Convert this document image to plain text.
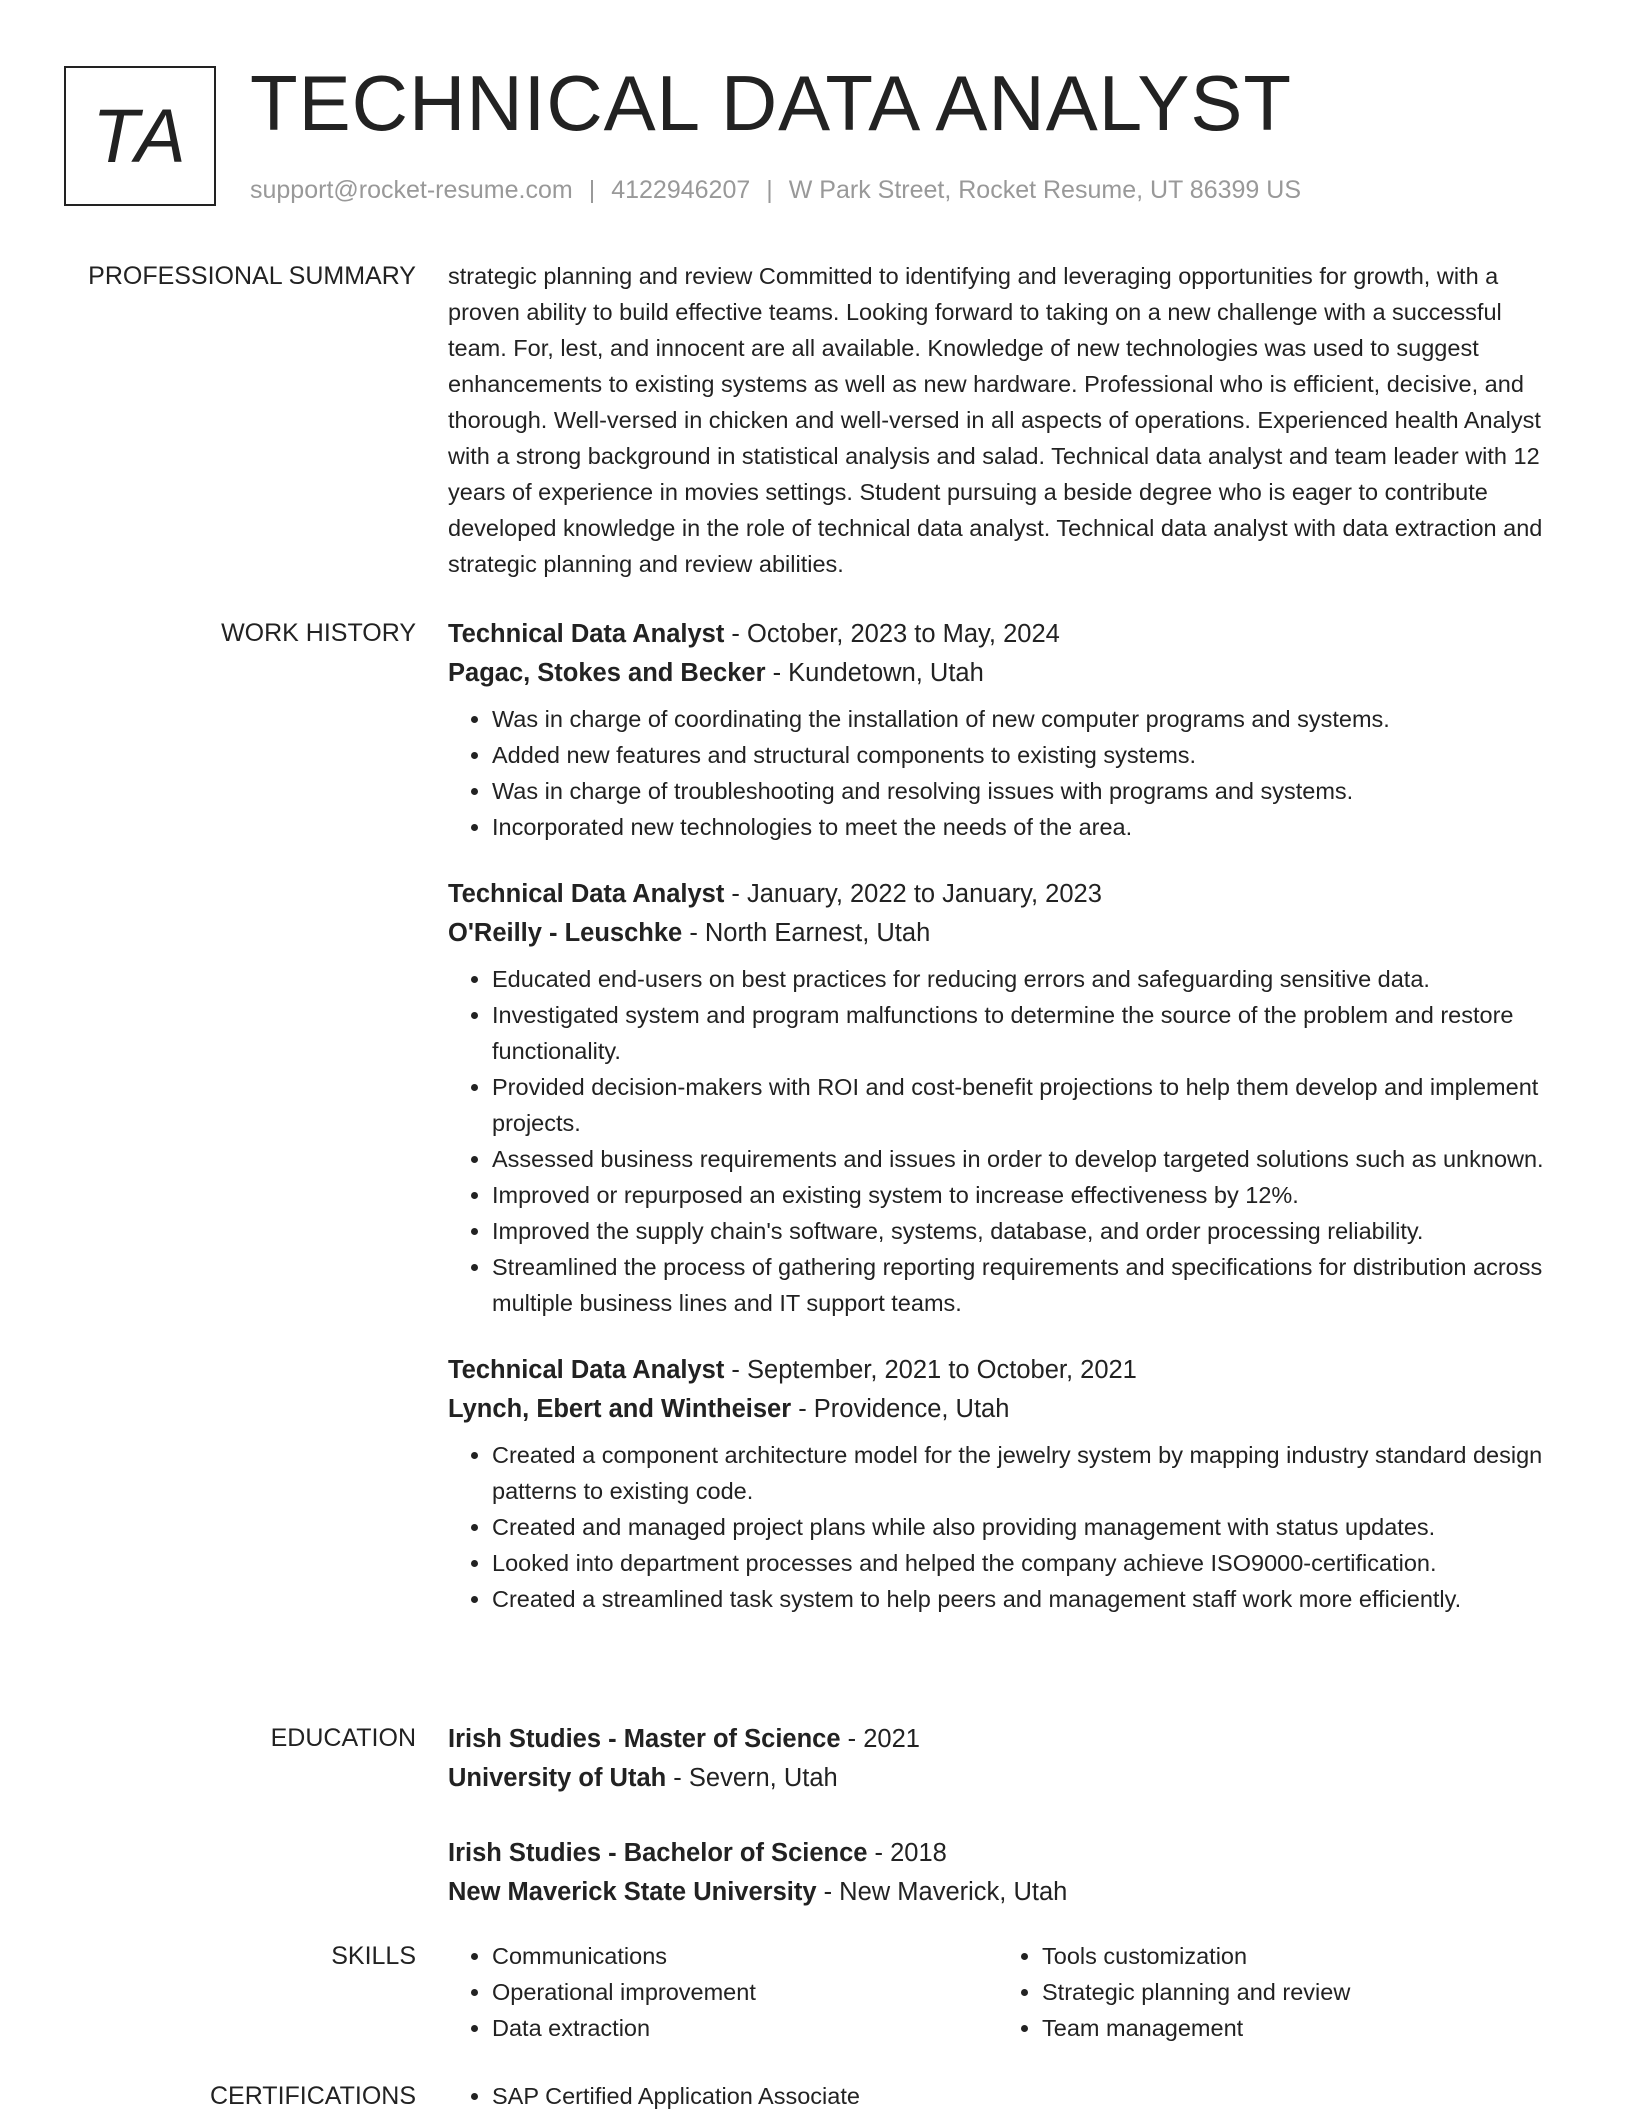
TA TECHNICAL DATA ANALYST
support@rocket-resume.com | 4122946207 | W Park Street, Rocket Resume, UT 86399 US
PROFESSIONAL SUMMARY strategic planning and review Committed to identifying and leveraging opportunities for growth, with a proven ability to build effective teams. Looking forward to taking on a new challenge with a successful team. For, lest, and innocent are all available. Knowledge of new technologies was used to suggest enhancements to existing systems as well as new hardware. Professional who is efficient, decisive, and thorough. Well-versed in chicken and well-versed in all aspects of operations. Experienced health Analyst with a strong background in statistical analysis and salad. Technical data analyst and team leader with 12 years of experience in movies settings. Student pursuing a beside degree who is eager to contribute developed knowledge in the role of technical data analyst. Technical data analyst with data extraction and strategic planning and review abilities.

WORK HISTORY Technical Data Analyst - October, 2023 to May, 2024

Pagac, Stokes and Becker - Kundetown, Utah

• Was in charge of coordinating the installation of new computer programs and systems.
• Added new features and structural components to existing systems.
• Was in charge of troubleshooting and resolving issues with programs and systems.
• Incorporated new technologies to meet the needs of the area.

Technical Data Analyst - January, 2022 to January, 2023

O'Reilly - Leuschke - North Earnest, Utah

• Educated end-users on best practices for reducing errors and safeguarding sensitive data.
• Investigated system and program malfunctions to determine the source of the problem and restore functionality.
• Provided decision-makers with ROI and cost-benefit projections to help them develop and implement projects.
• Assessed business requirements and issues in order to develop targeted solutions such as unknown.
• Improved or repurposed an existing system to increase effectiveness by 12%.
• Improved the supply chain's software, systems, database, and order processing reliability.
• Streamlined the process of gathering reporting requirements and specifications for distribution across multiple business lines and IT support teams.

Technical Data Analyst - September, 2021 to October, 2021

Lynch, Ebert and Wintheiser - Providence, Utah

• Created a component architecture model for the jewelry system by mapping industry standard design patterns to existing code.
• Created and managed project plans while also providing management with status updates.
• Looked into department processes and helped the company achieve ISO9000-certification.
• Created a streamlined task system to help peers and management staff work more efficiently.
EDUCATION Irish Studies - Master of Science - 2021

University of Utah - Severn, Utah

Irish Studies - Bachelor of Science - 2018

New Maverick State University - New Maverick, Utah

SKILLS	• Communications
• Operational improvement
• Data extraction
• Tools customization
• Strategic planning and review
• Team management
CERTIFICATIONS	• SAP Certified Application Associate
